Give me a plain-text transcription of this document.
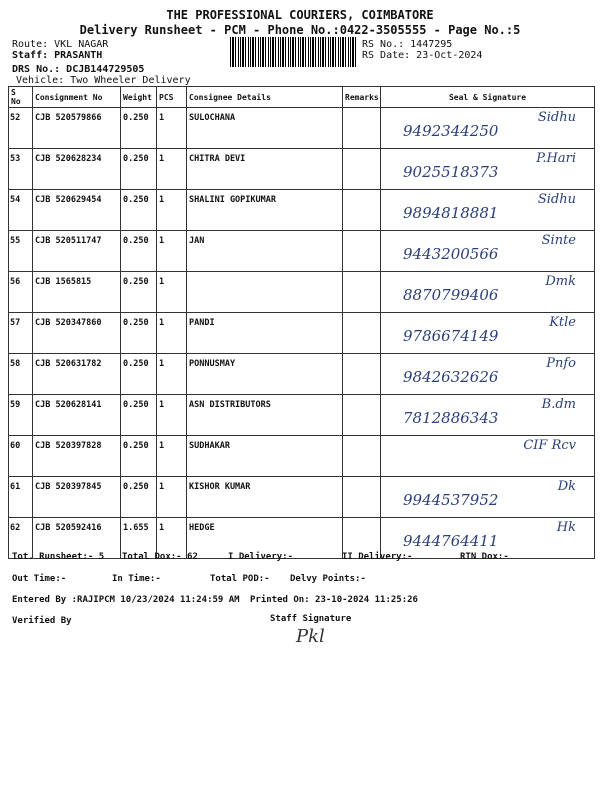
THE PROFESSIONAL COURIERS, COIMBATORE
Delivery Runsheet - PCM - Phone No.:0422-3505555 - Page No.:5
Route: VKL NAGAR
Staff: PRASANTH
DRS No.: DCJB144729505
Vehicle: Two Wheeler Delivery
RS No.: 1447295
RS Date: 23-Oct-2024
S No	Consignment No	Weight	PCS	Consignee Details	Remarks	Seal & Signature
52	CJB 520579866	0.250	1	SULOCHANA		Sidhu
9492344250

53	CJB 520628234	0.250	1	CHITRA DEVI		P.Hari
9025518373

54	CJB 520629454	0.250	1	SHALINI GOPIKUMAR		Sidhu
9894818881

55	CJB 520511747	0.250	1	JAN		Sinte
9443200566

56	CJB 1565815	0.250	1			Dmk
8870799406

57	CJB 520347860	0.250	1	PANDI		Ktle
9786674149

58	CJB 520631782	0.250	1	PONNUSMAY		Pnfo
9842632626

59	CJB 520628141	0.250	1	ASN DISTRIBUTORS		B.dm
7812886343

60	CJB 520397828	0.250	1	SUDHAKAR		CIF Rcv

61	CJB 520397845	0.250	1	KISHOR KUMAR		Dk
9944537952

62	CJB 520592416	1.655	1	HEDGE		Hk
9444764411
Tot. Runsheet:- 5 Total Dox:- 62	I Delivery:-	II Delivery:-	RTN Dox:-
Out Time:-	In Time:-	Total POD:- Delvy Points:-
Entered By :RAJIPCM 10/23/2024 11:24:59 AM Printed On: 23-10-2024 11:25:26
Verified By	Staff Signature
Pkl
